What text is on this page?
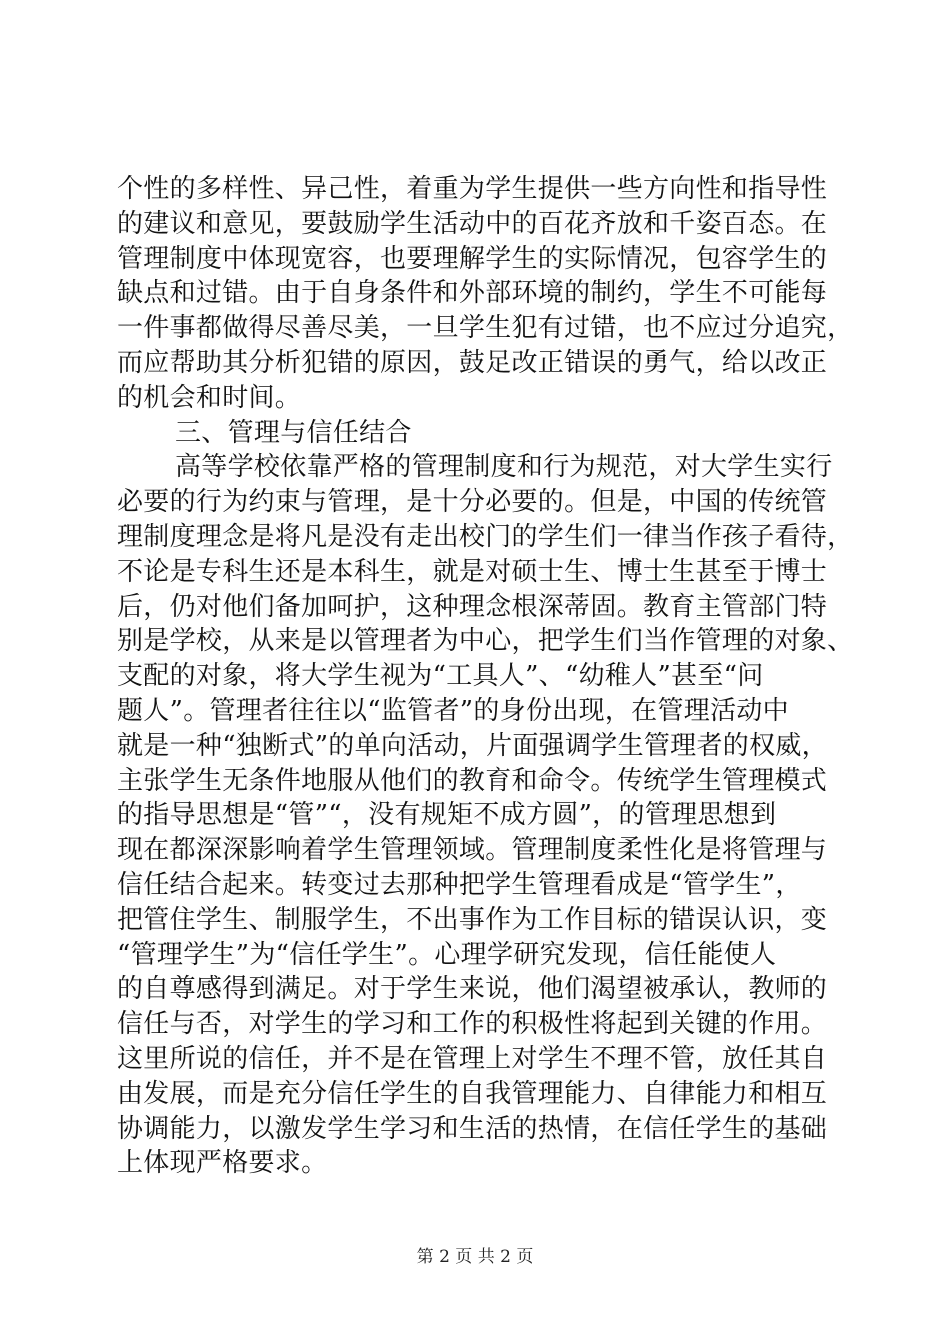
个性的多样性、异己性，着重为学生提供一些方向性和指导性
的建议和意见，要鼓励学生活动中的百花齐放和千姿百态。在
管理制度中体现宽容，也要理解学生的实际情况，包容学生的
缺点和过错。由于自身条件和外部环境的制约，学生不可能每
一件事都做得尽善尽美，一旦学生犯有过错，也不应过分追究，
而应帮助其分析犯错的原因，鼓足改正错误的勇气，给以改正
的机会和时间。
三、管理与信任结合
高等学校依靠严格的管理制度和行为规范，对大学生实行
必要的行为约束与管理，是十分必要的。但是，中国的传统管
理制度理念是将凡是没有走出校门的学生们一律当作孩子看待，
不论是专科生还是本科生，就是对硕士生、博士生甚至于博士
后，仍对他们备加呵护，这种理念根深蒂固。教育主管部门特
别是学校，从来是以管理者为中心，把学生们当作管理的对象、
支配的对象，将大学生视为“工具人”、“幼稚人”甚至“问
题人”。管理者往往以“监管者”的身份出现，在管理活动中
就是一种“独断式”的单向活动，片面强调学生管理者的权威，
主张学生无条件地服从他们的教育和命令。传统学生管理模式
的指导思想是“管”“，没有规矩不成方圆”，的管理思想到
现在都深深影响着学生管理领域。管理制度柔性化是将管理与
信任结合起来。转变过去那种把学生管理看成是“管学生”，
把管住学生、制服学生，不出事作为工作目标的错误认识，变
“管理学生”为“信任学生”。心理学研究发现，信任能使人
的自尊感得到满足。对于学生来说，他们渴望被承认，教师的
信任与否，对学生的学习和工作的积极性将起到关键的作用。
这里所说的信任，并不是在管理上对学生不理不管，放任其自
由发展，而是充分信任学生的自我管理能力、自律能力和相互
协调能力，以激发学生学习和生活的热情，在信任学生的基础
上体现严格要求。
第 2 页 共 2 页
